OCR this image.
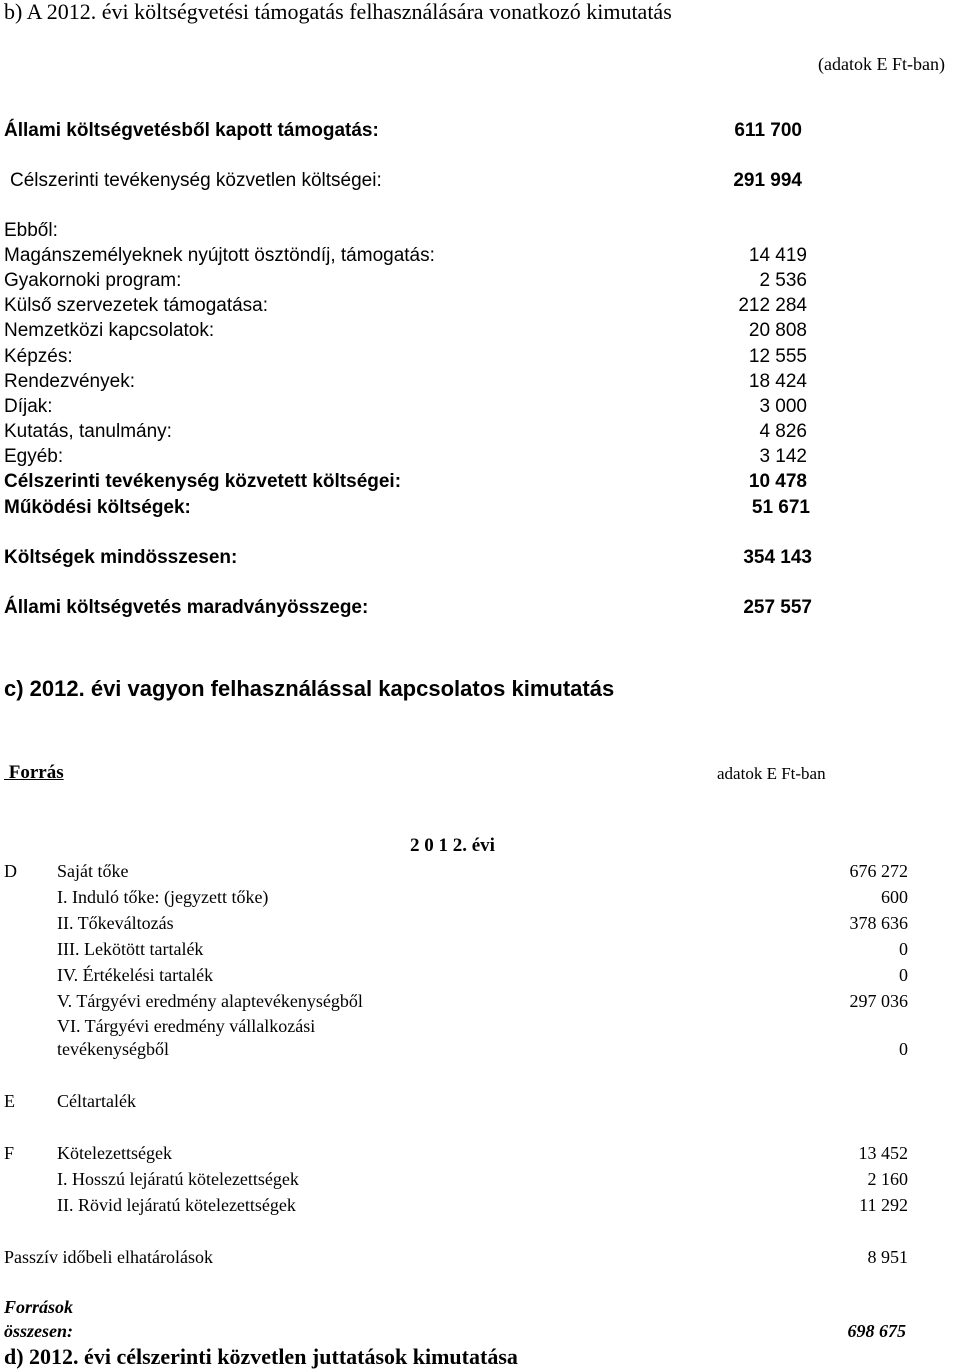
b) A 2012. évi költségvetési támogatás felhasználására vonatkozó kimutatás
(adatok E Ft-ban)
Állami költségvetésből kapott támogatás:	611 700
Célszerinti tevékenység közvetlen költségei:	291 994
Ebből:
Magánszemélyeknek nyújtott ösztöndíj, támogatás:	14 419
Gyakornoki program:	2 536
Külső szervezetek támogatása:	212 284
Nemzetközi kapcsolatok:	20 808
Képzés:	12 555
Rendezvények:	18 424
Díjak:	3 000
Kutatás, tanulmány:	4 826
Egyéb:	3 142
Célszerinti tevékenység közvetett költségei:	10 478
Működési költségek:	51 671
Költségek mindösszesen:	354 143
Állami költségvetés maradványösszege:	257 557
c) 2012. évi vagyon felhasználással kapcsolatos kimutatás
Forrás	adatok E Ft-ban
2 0 1 2. évi
D Saját tőke	676 272
I. Induló tőke: (jegyzett tőke)	600
II. Tőkeváltozás	378 636
III. Lekötött tartalék	0
IV. Értékelési tartalék	0
V. Tárgyévi eredmény alaptevékenységből	297 036
VI. Tárgyévi eredmény vállalkozási
tevékenységből	0
E Céltartalék
F Kötelezettségek	13 452
I. Hosszú lejáratú kötelezettségek	2 160
II. Rövid lejáratú kötelezettségek	11 292
Passzív időbeli elhatárolások	8 951
Források
összesen:	698 675
d) 2012. évi célszerinti közvetlen juttatások kimutatása
